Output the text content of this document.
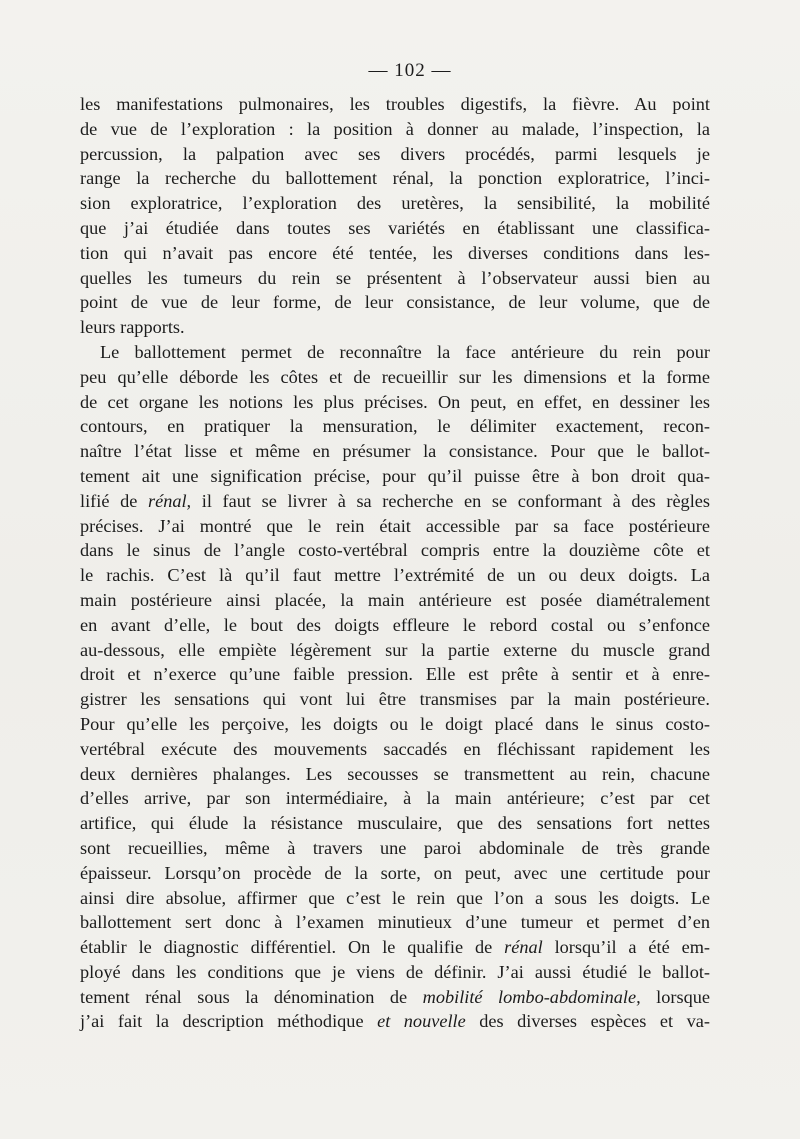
— 102 —
les manifestations pulmonaires, les troubles digestifs, la fièvre. Au point
de vue de l’exploration : la position à donner au malade, l’inspection, la
percussion, la palpation avec ses divers procédés, parmi lesquels je
range la recherche du ballottement rénal, la ponction exploratrice, l’inci-
sion exploratrice, l’exploration des uretères, la sensibilité, la mobilité
que j’ai étudiée dans toutes ses variétés en établissant une classifica-
tion qui n’avait pas encore été tentée, les diverses conditions dans les-
quelles les tumeurs du rein se présentent à l’observateur aussi bien au
point de vue de leur forme, de leur consistance, de leur volume, que de
leurs rapports.
Le ballottement permet de reconnaître la face antérieure du rein pour
peu qu’elle déborde les côtes et de recueillir sur les dimensions et la forme
de cet organe les notions les plus précises. On peut, en effet, en dessiner les
contours, en pratiquer la mensuration, le délimiter exactement, recon-
naître l’état lisse et même en présumer la consistance. Pour que le ballot-
tement ait une signification précise, pour qu’il puisse être à bon droit qua-
lifié de rénal, il faut se livrer à sa recherche en se conformant à des règles
précises. J’ai montré que le rein était accessible par sa face postérieure
dans le sinus de l’angle costo-vertébral compris entre la douzième côte et
le rachis. C’est là qu’il faut mettre l’extrémité de un ou deux doigts. La
main postérieure ainsi placée, la main antérieure est posée diamétralement
en avant d’elle, le bout des doigts effleure le rebord costal ou s’enfonce
au-dessous, elle empiète légèrement sur la partie externe du muscle grand
droit et n’exerce qu’une faible pression. Elle est prête à sentir et à enre-
gistrer les sensations qui vont lui être transmises par la main postérieure.
Pour qu’elle les perçoive, les doigts ou le doigt placé dans le sinus costo-
vertébral exécute des mouvements saccadés en fléchissant rapidement les
deux dernières phalanges. Les secousses se transmettent au rein, chacune
d’elles arrive, par son intermédiaire, à la main antérieure; c’est par cet
artifice, qui élude la résistance musculaire, que des sensations fort nettes
sont recueillies, même à travers une paroi abdominale de très grande
épaisseur. Lorsqu’on procède de la sorte, on peut, avec une certitude pour
ainsi dire absolue, affirmer que c’est le rein que l’on a sous les doigts. Le
ballottement sert donc à l’examen minutieux d’une tumeur et permet d’en
établir le diagnostic différentiel. On le qualifie de rénal lorsqu’il a été em-
ployé dans les conditions que je viens de définir. J’ai aussi étudié le ballot-
tement rénal sous la dénomination de mobilité lombo-abdominale, lorsque
j’ai fait la description méthodique et nouvelle des diverses espèces et va-
